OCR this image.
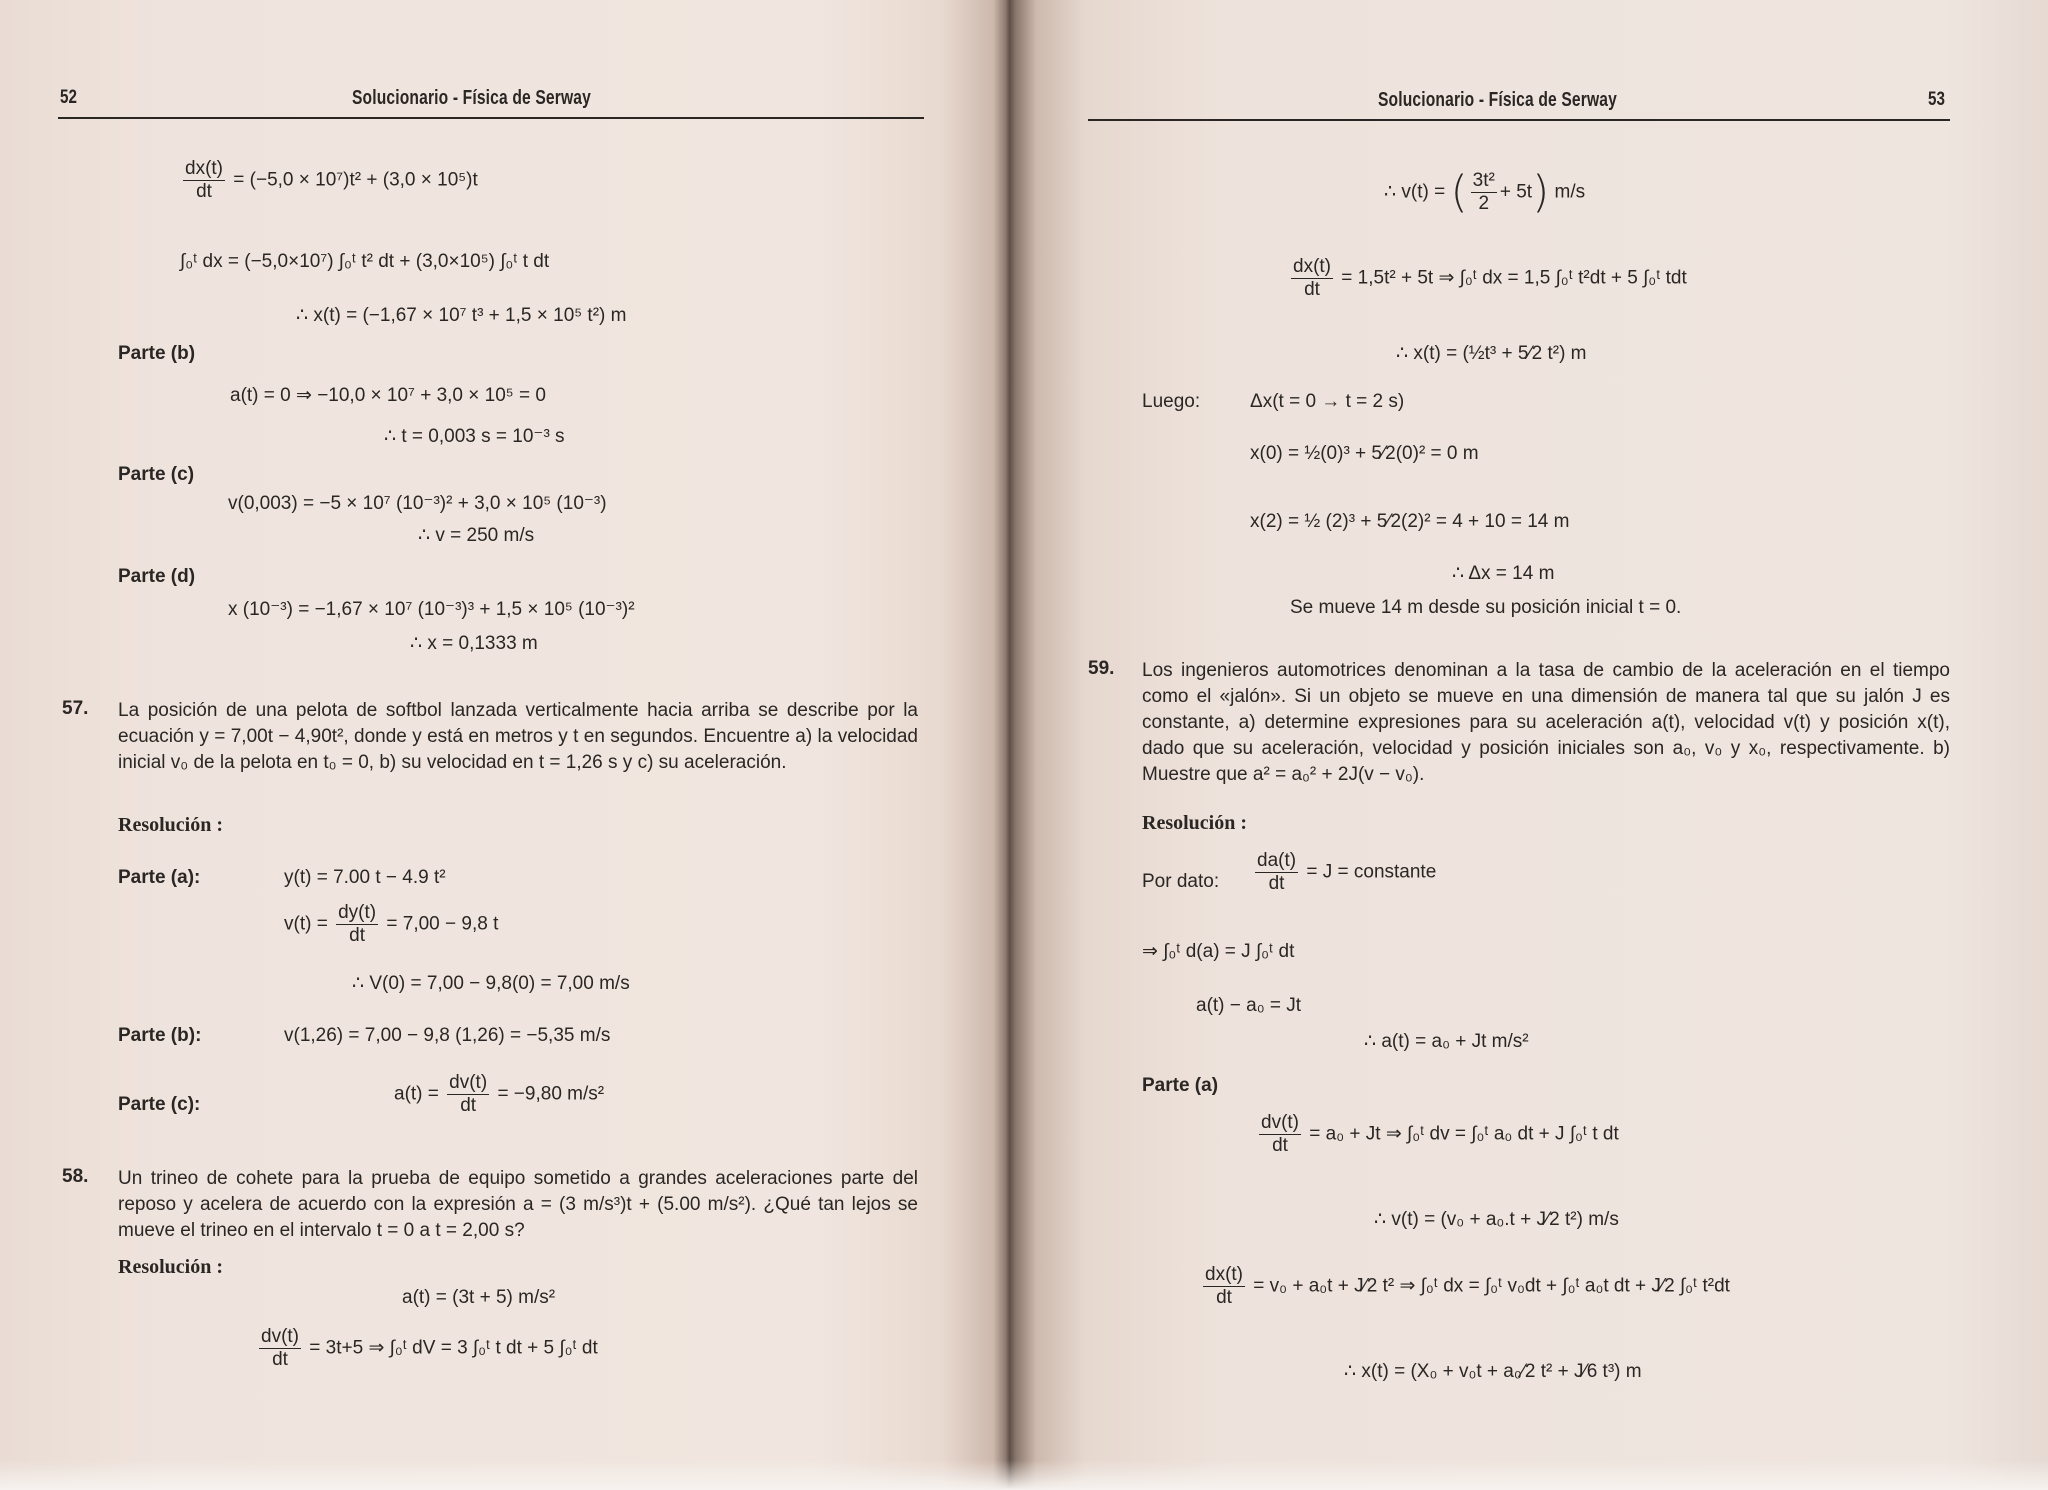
52	Solucionario - Física de Serway
$\frac{dx(t)}{dt} = (-5,0 \times 10^7)t^2 + (3,0 \times 10^5)t$
∫₀ᵗ dx = (−5,0×10⁷) ∫₀ᵗ t² dt + (3,0×10⁵) ∫₀ᵗ t dt
∴ x(t) = (−1,67 × 10⁷ t³ + 1,5 × 10⁵ t²) m
Parte (b)
a(t) = 0 ⇒ −10,0 × 10⁷ + 3,0 × 10⁵ = 0
∴ t = 0,003 s = 10⁻³ s
Parte (c)
v(0,003) = −5 × 10⁷ (10⁻³)² + 3,0 × 10⁵ (10⁻³)
∴ v = 250 m/s
Parte (d)
x (10⁻³) = −1,67 × 10⁷ (10⁻³)³ + 1,5 × 10⁵ (10⁻³)²
∴ x = 0,1333 m
57. La posición de una pelota de softbol lanzada verticalmente hacia arriba se describe por la ecuación y = 7,00t − 4,90t², donde y está en metros y t en segundos. Encuentre a) la velocidad inicial v₀ de la pelota en t₀ = 0, b) su velocidad en t = 1,26 s y c) su aceleración.
Resolución :
Parte (a):	y(t) = 7.00 t − 4.9 t²
$v(t) = \frac{dy(t)}{dt} = 7,00 - 9,8$ t
∴ V(0) = 7,00 − 9,8(0) = 7,00 m/s
Parte (b):	v(1,26) = 7,00 − 9,8 (1,26) = −5,35 m/s
Parte (c):	$a(t) = \frac{dv(t)}{dt} = -9,80$ m/s²
58. Un trineo de cohete para la prueba de equipo sometido a grandes aceleraciones parte del reposo y acelera de acuerdo con la expresión a = (3 m/s³)t + (5.00 m/s²). ¿Qué tan lejos se mueve el trineo en el intervalo t = 0 a t = 2,00 s?
Resolución :
a(t) = (3t + 5) m/s²
$\frac{dv(t)}{dt} = 3t+5$ ⇒ ∫₀ᵗ dV = 3 ∫₀ᵗ t dt + 5 ∫₀ᵗ dt
Solucionario - Física de Serway	53
∴ v(t) = ( $\frac{\text{3t²}}{2} + 5t$) m/s
$\frac{dx(t)}{dt} = 1,5t^2 + 5t$ ⇒ ∫₀ᵗ dx = 1,5 ∫₀ᵗ t²dt + 5 ∫₀ᵗ tdt
∴ x(t) = (½t³ + 5⁄2 t²) m
Luego:	Δx(t = 0 → t = 2 s)
x(0) = ½(0)³ + 5⁄2(0)² = 0 m
x(2) = ½ (2)³ + 5⁄2(2)² = 4 + 10 = 14 m
∴ Δx = 14 m
Se mueve 14 m desde su posición inicial t = 0.
59. Los ingenieros automotrices denominan a la tasa de cambio de la aceleración en el tiempo como el «jalón». Si un objeto se mueve en una dimensión de manera tal que su jalón J es constante, a) determine expresiones para su aceleración a(t), velocidad v(t) y posición x(t), dado que su aceleración, velocidad y posición iniciales son a₀, v₀ y x₀, respectivamente. b) Muestre que a² = a₀² + 2J(v − v₀).
Resolución :
Por dato: $\frac{da(t)}{dt} = J$ = constante
⇒ ∫₀ᵗ d(a) = J ∫₀ᵗ dt
a(t) − a₀ = Jt
∴ a(t) = a₀ + Jt m/s²
Parte (a)
$\frac{dv(t)}{dt} = a_0 + Jt$ ⇒ ∫₀ᵗ dv = ∫₀ᵗ a₀ dt + J ∫₀ᵗ t dt
∴ v(t) = (v₀ + a₀.t + J⁄2 t²) m/s
$\frac{dx(t)}{dt} = v_0 + a_0t$ + J⁄2 t² ⇒ ∫₀ᵗ dx = ∫₀ᵗ v₀dt + ∫₀ᵗ a₀t dt + J⁄2 ∫₀ᵗ t²dt
∴ x(t) = (X₀ + v₀t + a₀⁄2 t² + J⁄6 t³) m
